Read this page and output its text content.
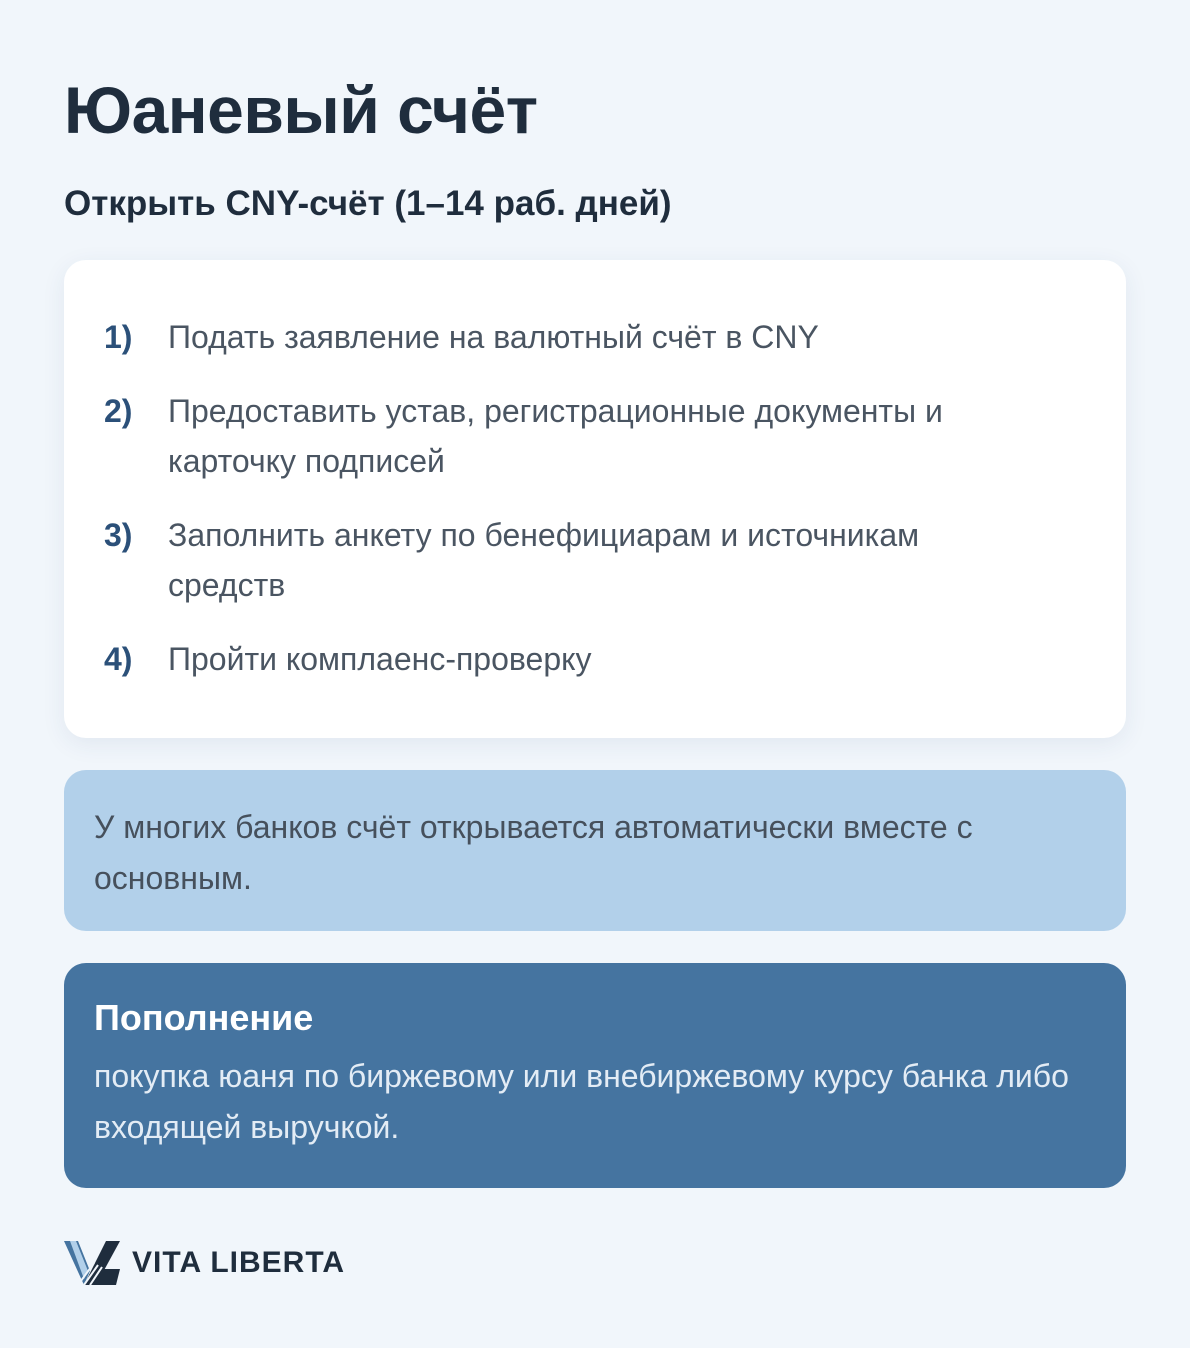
Юаневый счёт
Открыть CNY-счёт (1–14 раб. дней)
1)	Подать заявление на валютный счёт в CNY
2)	Предоставить устав, регистрационные документы и карточку подписей
3)	Заполнить анкету по бенефициарам и источникам средств
4)	Пройти комплаенс-проверку
У многих банков счёт открывается автоматически вместе с основным.
Пополнение
покупка юаня по биржевому или внебиржевому курсу банка либо входящей выручкой.
VITA LIBERTA
